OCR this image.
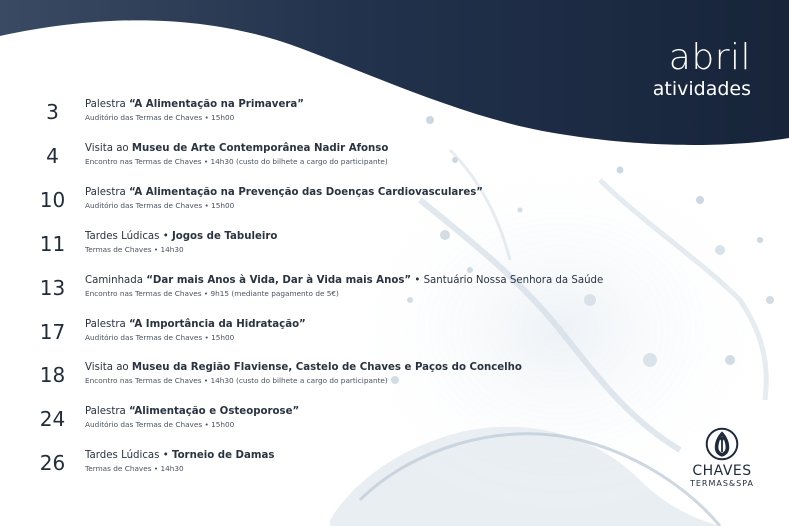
abril
atividades
3	Palestra “A Alimentação na Primavera”
Auditório das Termas de Chaves • 15h00
4	Visita ao Museu de Arte Contemporânea Nadir Afonso
Encontro nas Termas de Chaves • 14h30 (custo do bilhete a cargo do participante)
10	Palestra “A Alimentação na Prevenção das Doenças Cardiovasculares”
Auditório das Termas de Chaves • 15h00
11	Tardes Lúdicas • Jogos de Tabuleiro
Termas de Chaves • 14h30
13	Caminhada “Dar mais Anos à Vida, Dar à Vida mais Anos” • Santuário Nossa Senhora da Saúde
Encontro nas Termas de Chaves • 9h15 (mediante pagamento de 5€)
17	Palestra “A Importância da Hidratação”
Auditório das Termas de Chaves • 15h00
18	Visita ao Museu da Região Flaviense, Castelo de Chaves e Paços do Concelho
Encontro nas Termas de Chaves • 14h30 (custo do bilhete a cargo do participante)
24	Palestra “Alimentação e Osteoporose”
Auditório das Termas de Chaves • 15h00
26	Tardes Lúdicas • Torneio de Damas
Termas de Chaves • 14h30	CHAVES
TERMAS&SPA
